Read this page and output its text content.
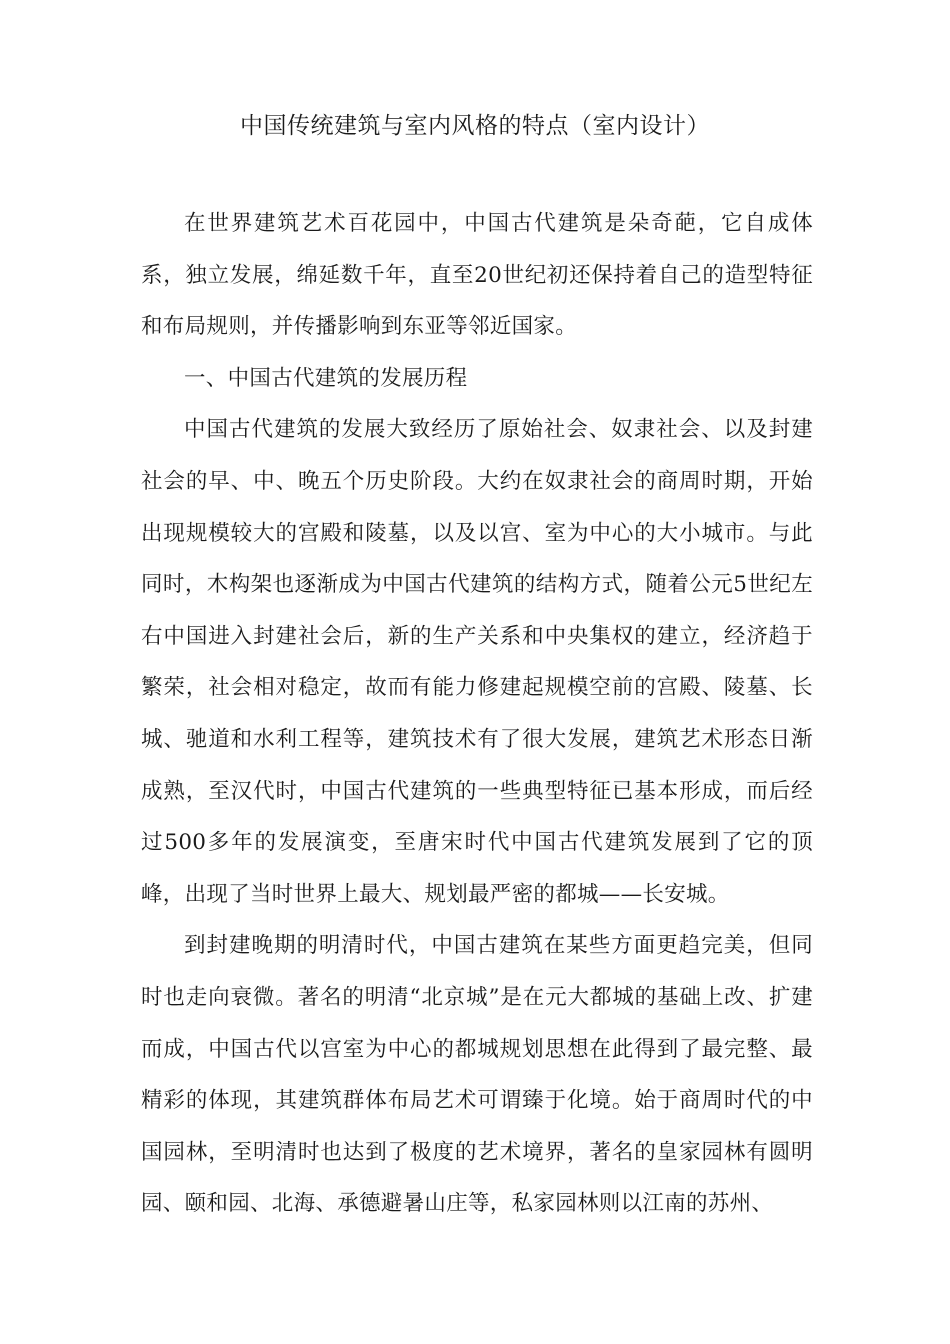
中国传统建筑与室内风格的特点（室内设计）

在世界建筑艺术百花园中，中国古代建筑是朵奇葩，它自成体系，独立发展，绵延数千年，直至20世纪初还保持着自己的造型特征和布局规则，并传播影响到东亚等邻近国家。

一、中国古代建筑的发展历程

中国古代建筑的发展大致经历了原始社会、奴隶社会、以及封建社会的早、中、晚五个历史阶段。大约在奴隶社会的商周时期，开始出现规模较大的宫殿和陵墓，以及以宫、室为中心的大小城市。与此同时，木构架也逐渐成为中国古代建筑的结构方式，随着公元5世纪左右中国进入封建社会后，新的生产关系和中央集权的建立，经济趋于繁荣，社会相对稳定，故而有能力修建起规模空前的宫殿、陵墓、长城、驰道和水利工程等，建筑技术有了很大发展，建筑艺术形态日渐成熟，至汉代时，中国古代建筑的一些典型特征已基本形成，而后经过500多年的发展演变，至唐宋时代中国古代建筑发展到了它的顶峰，出现了当时世界上最大、规划最严密的都城——长安城。

到封建晚期的明清时代，中国古建筑在某些方面更趋完美，但同时也走向衰微。著名的明清“北京城”是在元大都城的基础上改、扩建而成，中国古代以宫室为中心的都城规划思想在此得到了最完整、最精彩的体现，其建筑群体布局艺术可谓臻于化境。始于商周时代的中国园林，至明清时也达到了极度的艺术境界，著名的皇家园林有圆明园、颐和园、北海、承德避暑山庄等，私家园林则以江南的苏州、
